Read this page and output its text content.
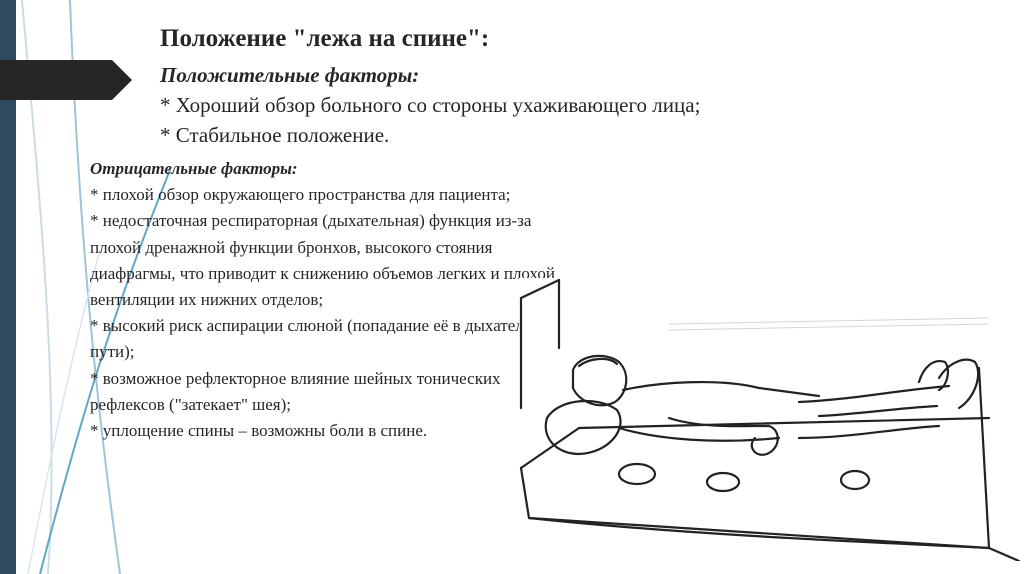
Положение "лежа на спине":

Положительные факторы:

* Хороший обзор больного со стороны ухаживающего лица;

* Стабильное положение.

Отрицательные факторы:

* плохой обзор окружающего пространства для пациента;

* недостаточная респираторная (дыхательная) функция из-за плохой дренажной функции бронхов, высокого стояния диафрагмы, что приводит к снижению объемов легких и плохой вентиляции их нижних отделов;

* высокий риск аспирации слюной (попадание её в дыхательные пути);

* возможное рефлекторное влияние шейных тонических рефлексов ("затекает" шея);

* уплощение спины – возможны боли в спине.
